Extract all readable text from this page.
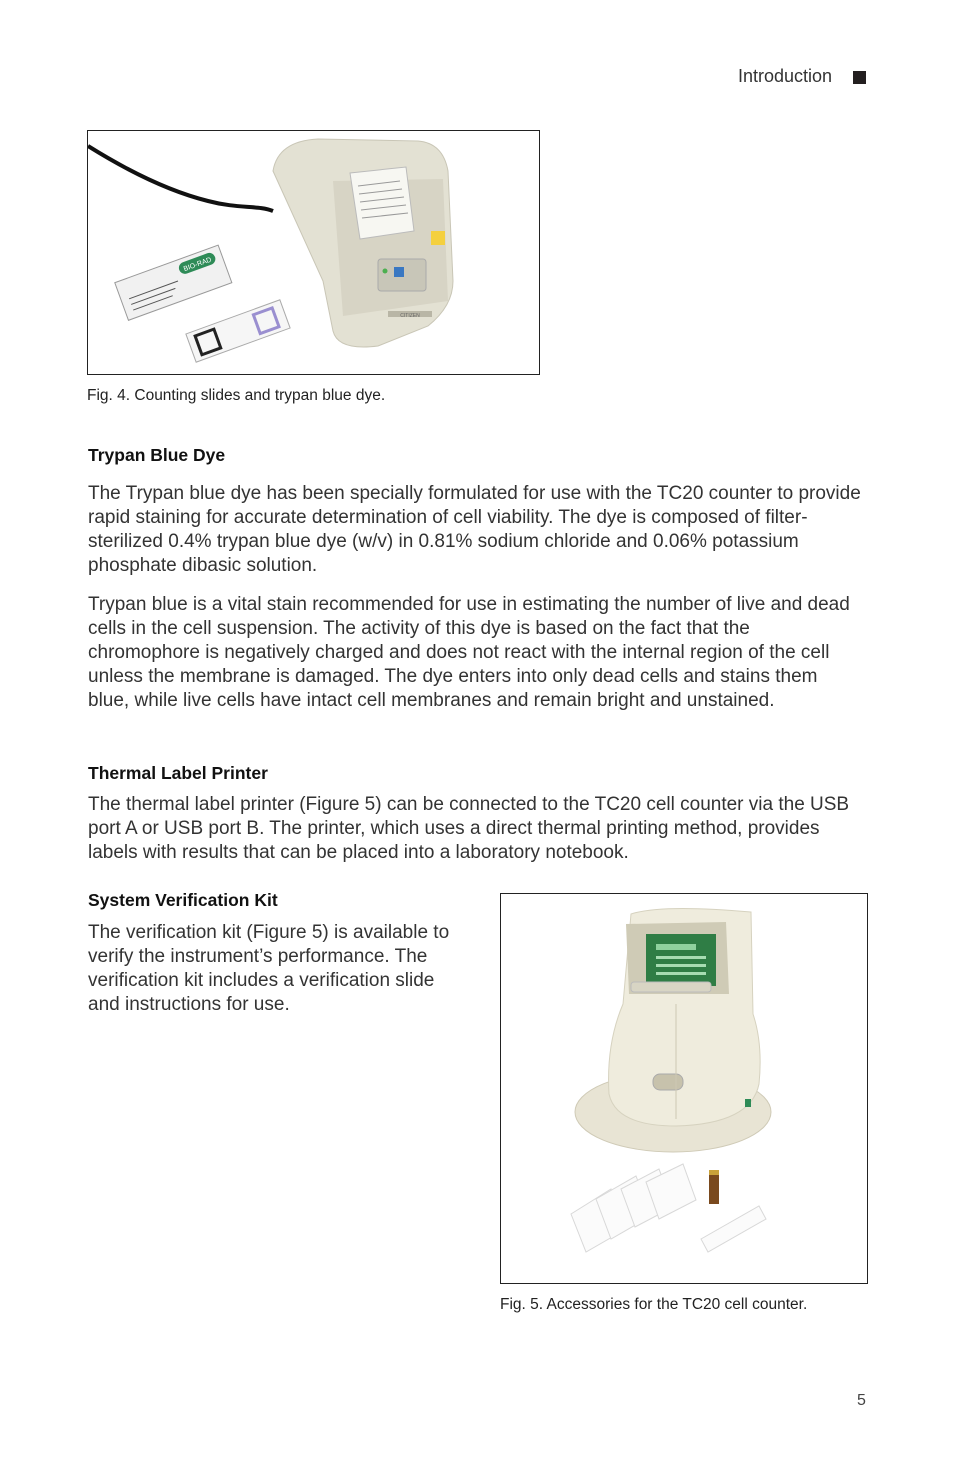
Introduction
CITIZEN
BIO-RAD
Fig. 4. Counting slides and trypan blue dye.
Trypan Blue Dye

The Trypan blue dye has been specially formulated for use with the TC20 counter to provide rapid staining for accurate determination of cell viability. The dye is composed of filter-sterilized 0.4% trypan blue dye (w/v) in 0.81% sodium chloride and 0.06% potassium phosphate dibasic solution.

Trypan blue is a vital stain recommended for use in estimating the number of live and dead cells in the cell suspension. The activity of this dye is based on the fact that the chromophore is negatively charged and does not react with the internal region of the cell unless the membrane is damaged. The dye enters into only dead cells and stains them blue, while live cells have intact cell membranes and remain bright and unstained.

Thermal Label Printer

The thermal label printer (Figure 5) can be connected to the TC20 cell counter via the USB port A or USB port B. The printer, which uses a direct thermal printing method, provides labels with results that can be placed into a laboratory notebook.

System Verification Kit

The verification kit (Figure 5) is available to verify the instrument’s performance. The verification kit includes a verification slide and instructions for use.

Fig. 5. Accessories for the TC20 cell counter.
5
